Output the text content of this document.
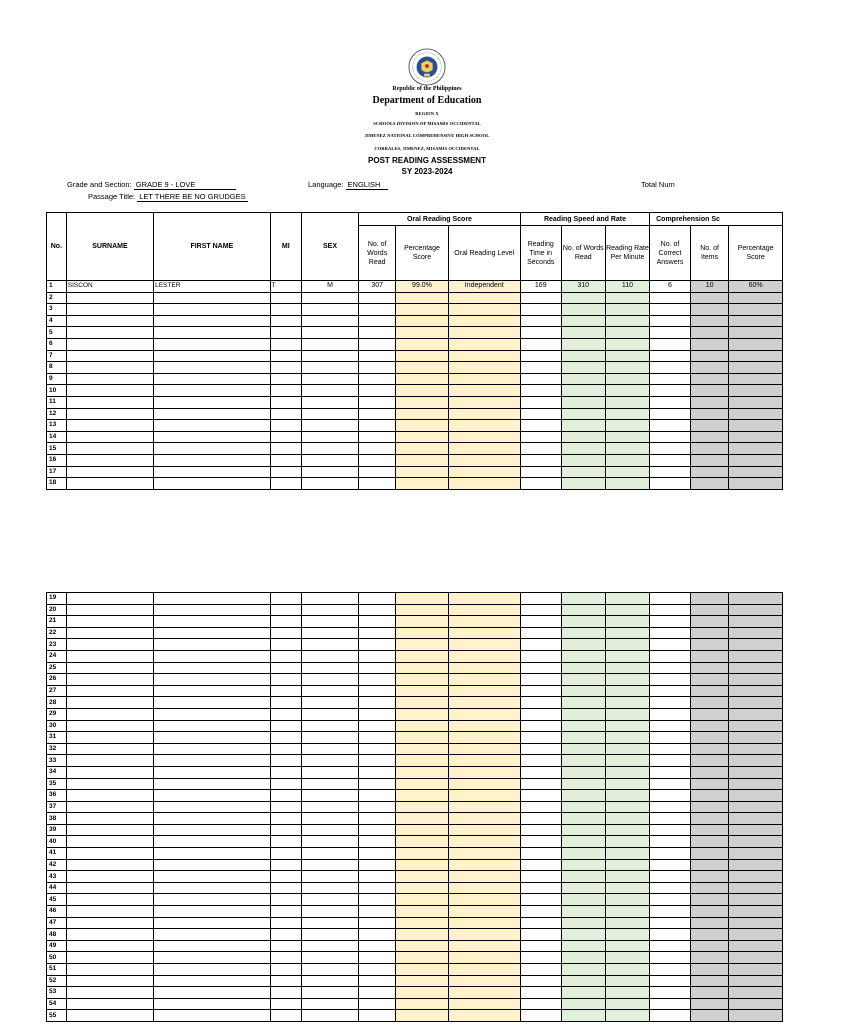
Republic of the Philippines
Department of Education
REGION X
SCHOOLS DIVISION OF MISAMIS OCCIDENTAL
JIMENEZ NATIONAL COMPREHENSIVE HIGH SCHOOL
CORRALES, JIMENEZ, MISAMIS OCCIDENTAL
POST READING ASSESSMENT
SY 2023-2024
Grade and Section: GRADE 9 - LOVE
Passage Title: LET THERE BE NO GRUDGES
Language: ENGLISH	Total Num
No.	SURNAME	FIRST NAME	MI	SEX	Oral Reading Score			Reading Speed and Rate			Comprehension Sc		
					No. of Words Read	Percentage Score	Oral Reading Level	Reading Time in Seconds	No. of Words Read	Reading Rate Per Minute	No. of Correct Answers	No. of Items	Percentage Score
1	SISCON	LESTER	T	M	307	99.0%	Independent	169	310	110	6	10	60%
2													
3													
4													
5													
6													
7													
8													
9													
10													
11													
12													
13													
14													
15													
16													
17													
18													
19													
20													
21													
22													
23													
24													
25													
26													
27													
28													
29													
30													
31													
32													
33													
34													
35													
36													
37													
38													
39													
40													
41													
42													
43													
44													
45													
46													
47													
48													
49													
50													
51													
52													
53													
54													
55													
